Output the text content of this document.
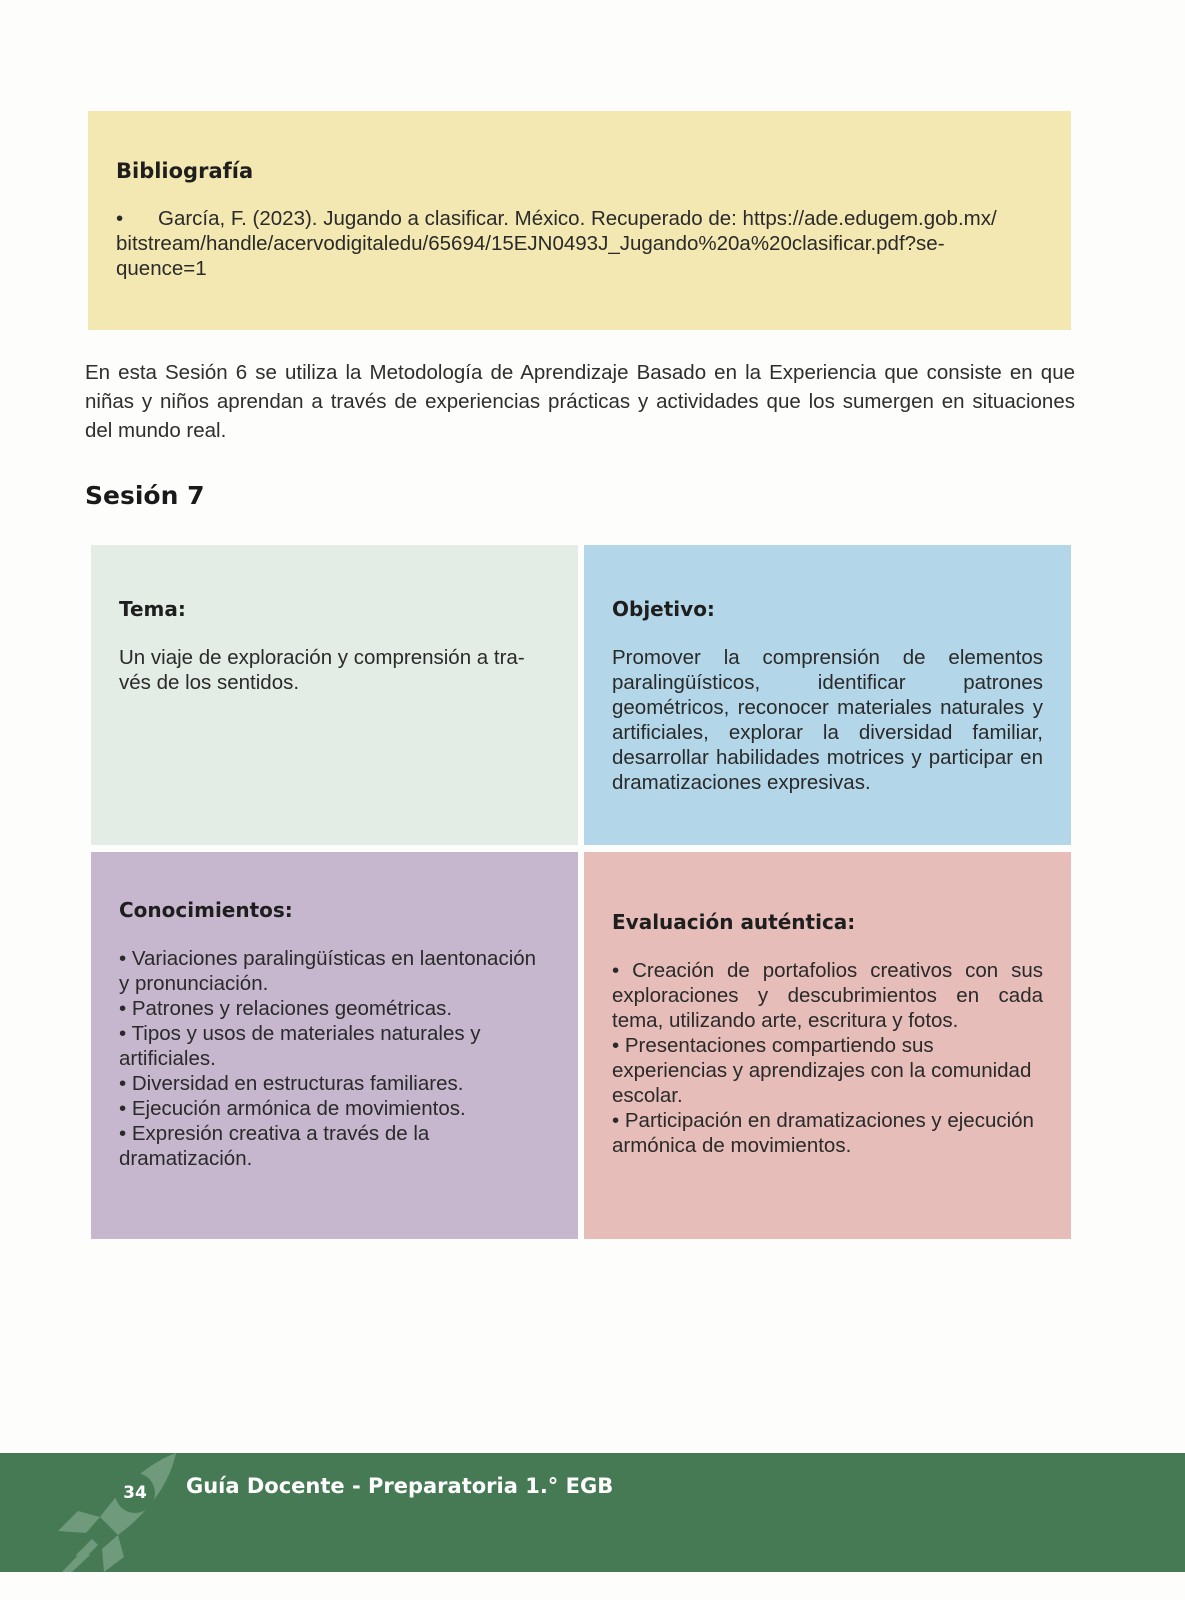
Bibliografía
• García, F. (2023). Jugando a clasificar. México. Recuperado de: https://ade.edugem.gob.mx/
bitstream/handle/acervodigitaledu/65694/15EJN0493J_Jugando%20a%20clasificar.pdf?se-
quence=1

En esta Sesión 6 se utiliza la Metodología de Aprendizaje Basado en la Experiencia que consiste en que niñas y niños aprendan a través de experiencias prácticas y actividades que los sumergen en situaciones del mundo real.

Sesión 7
Tema:
Un viaje de exploración y comprensión a tra-
vés de los sentidos.
Objetivo:
Promover la comprensión de elementos paralingüísticos, identificar patrones geométricos, reconocer materiales naturales y artificiales, explorar la diversidad familiar, desarrollar habilidades motrices y participar en dramatizaciones expresivas.
Conocimientos:
• Variaciones paralingüísticas en laentonación y pronunciación.
• Patrones y relaciones geométricas.
• Tipos y usos de materiales naturales y artificiales.
• Diversidad en estructuras familiares.
• Ejecución armónica de movimientos.
• Expresión creativa a través de la dramatización.
Evaluación auténtica:
• Creación de portafolios creativos con sus exploraciones y descubrimientos en cada tema, utilizando arte, escritura y fotos.
• Presentaciones compartiendo sus experiencias y aprendizajes con la comunidad escolar.
• Participación en dramatizaciones y ejecución armónica de movimientos.
34	Guía Docente - Preparatoria 1.° EGB
